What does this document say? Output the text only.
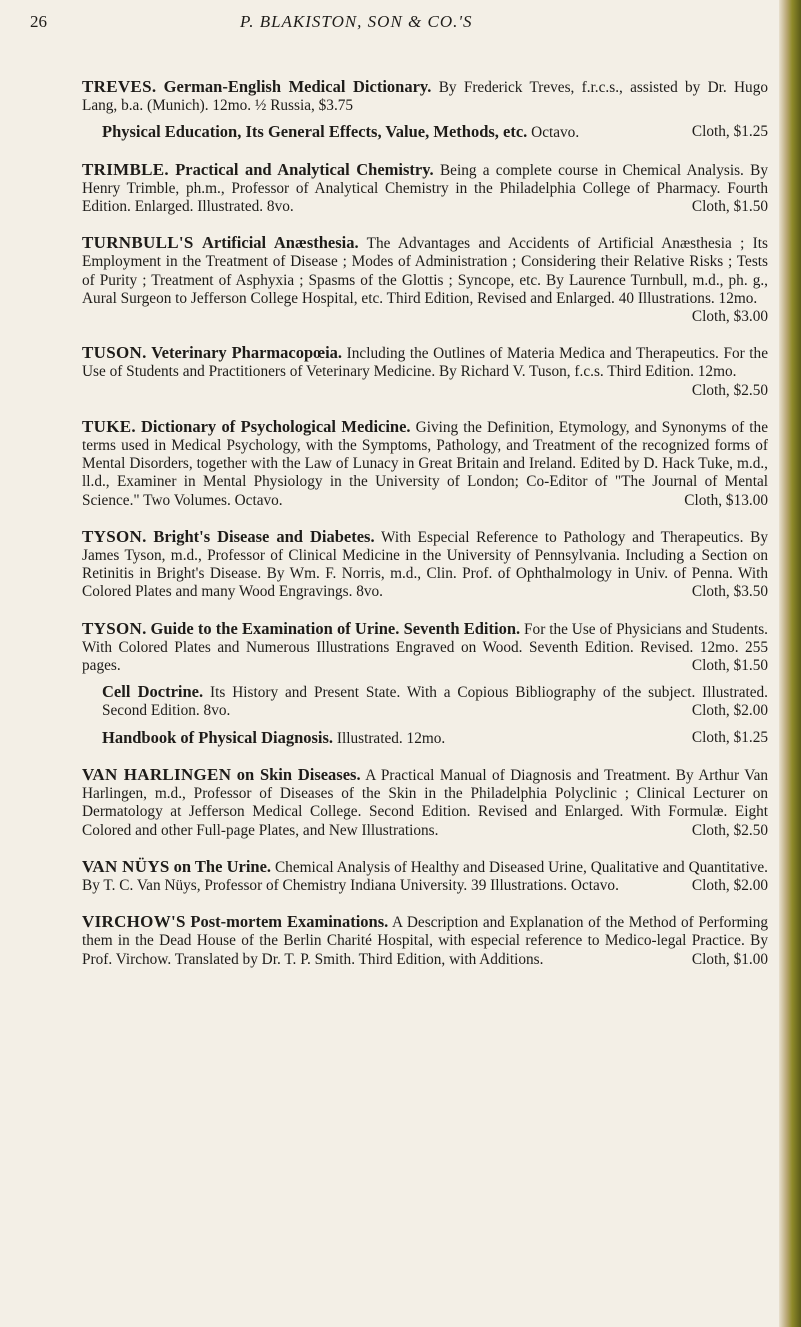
26	P. BLAKISTON, SON & CO.'S
TREVES. German-English Medical Dictionary. By Frederick Treves, f.r.c.s., assisted by Dr. Hugo Lang, b.a. (Munich). 12mo. ½ Russia, $3.75
Physical Education, Its General Effects, Value, Methods, etc. Octavo.	Cloth, $1.25
TRIMBLE. Practical and Analytical Chemistry. Being a complete course in Chemical Analysis. By Henry Trimble, ph.m., Professor of Analytical Chemistry in the Philadelphia College of Pharmacy. Fourth Edition. Enlarged. Illustrated. 8vo.	Cloth, $1.50
TURNBULL'S Artificial Anæsthesia. The Advantages and Accidents of Artificial Anæsthesia ; Its Employment in the Treatment of Disease ; Modes of Administration ; Considering their Relative Risks ; Tests of Purity ; Treatment of Asphyxia ; Spasms of the Glottis ; Syncope, etc. By Laurence Turnbull, m.d., ph. g., Aural Surgeon to Jefferson College Hospital, etc. Third Edition, Revised and Enlarged. 40 Illustrations. 12mo.
Cloth, $3.00
TUSON. Veterinary Pharmacopœia. Including the Outlines of Materia Medica and Therapeutics. For the Use of Students and Practitioners of Veterinary Medicine. By Richard V. Tuson, f.c.s. Third Edition. 12mo.
Cloth, $2.50
TUKE. Dictionary of Psychological Medicine. Giving the Definition, Etymology, and Synonyms of the terms used in Medical Psychology, with the Symptoms, Pathology, and Treatment of the recognized forms of Mental Disorders, together with the Law of Lunacy in Great Britain and Ireland. Edited by D. Hack Tuke, m.d., ll.d., Examiner in Mental Physiology in the University of London; Co-Editor of "The Journal of Mental Science." Two Volumes. Octavo.	Cloth, $13.00
TYSON. Bright's Disease and Diabetes. With Especial Reference to Pathology and Therapeutics. By James Tyson, m.d., Professor of Clinical Medicine in the University of Pennsylvania. Including a Section on Retinitis in Bright's Disease. By Wm. F. Norris, m.d., Clin. Prof. of Ophthalmology in Univ. of Penna. With Colored Plates and many Wood Engravings. 8vo.	Cloth, $3.50
TYSON. Guide to the Examination of Urine. Seventh Edition. For the Use of Physicians and Students. With Colored Plates and Numerous Illustrations Engraved on Wood. Seventh Edition. Revised. 12mo. 255 pages.	Cloth, $1.50
Cell Doctrine. Its History and Present State. With a Copious Bibliography of the subject. Illustrated. Second Edition. 8vo.	Cloth, $2.00
Handbook of Physical Diagnosis. Illustrated. 12mo.	Cloth, $1.25
VAN HARLINGEN on Skin Diseases. A Practical Manual of Diagnosis and Treatment. By Arthur Van Harlingen, m.d., Professor of Diseases of the Skin in the Philadelphia Polyclinic ; Clinical Lecturer on Dermatology at Jefferson Medical College. Second Edition. Revised and Enlarged. With Formulæ. Eight Colored and other Full-page Plates, and New Illustrations.	Cloth, $2.50
VAN NÜYS on The Urine. Chemical Analysis of Healthy and Diseased Urine, Qualitative and Quantitative. By T. C. Van Nüys, Professor of Chemistry Indiana University. 39 Illustrations. Octavo.	Cloth, $2.00
VIRCHOW'S Post-mortem Examinations. A Description and Explanation of the Method of Performing them in the Dead House of the Berlin Charité Hospital, with especial reference to Medico-legal Practice. By Prof. Virchow. Translated by Dr. T. P. Smith. Third Edition, with Additions.	Cloth, $1.00
